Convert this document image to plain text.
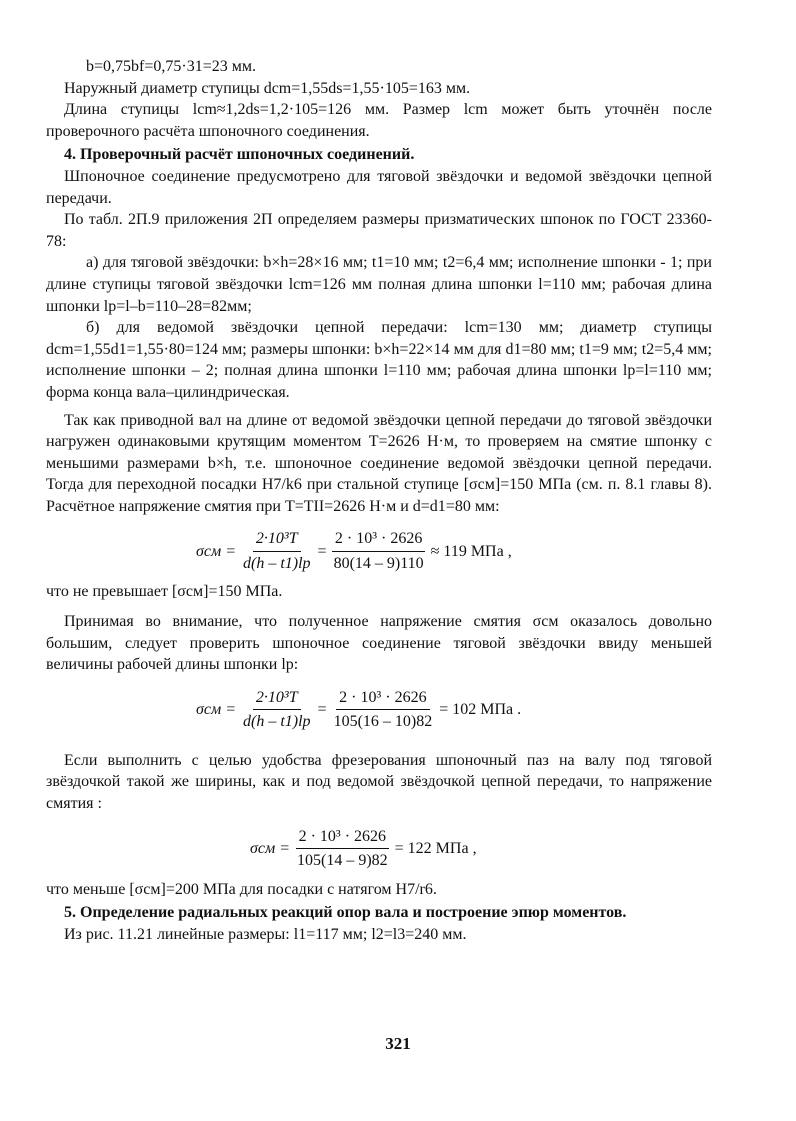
b=0,75bf=0,75·31=23 мм.

Наружный диаметр ступицы dcm=1,55ds=1,55·105=163 мм.

Длина ступицы lcm≈1,2ds=1,2·105=126 мм. Размер lcm может быть уточнён после проверочного расчёта шпоночного соединения.

4. Проверочный расчёт шпоночных соединений.

Шпоночное соединение предусмотрено для тяговой звёздочки и ведомой звёздочки цепной передачи.

По табл. 2П.9 приложения 2П определяем размеры призматических шпонок по ГОСТ 23360-78:

а) для тяговой звёздочки: b×h=28×16 мм; t1=10 мм; t2=6,4 мм; исполнение шпонки - 1; при длине ступицы тяговой звёздочки lcm=126 мм полная длина шпонки l=110 мм; рабочая длина шпонки lp=l–b=110–28=82мм;

б) для ведомой звёздочки цепной передачи: lcm=130 мм; диаметр ступицы dcm=1,55d1=1,55·80=124 мм; размеры шпонки: b×h=22×14 мм для d1=80 мм; t1=9 мм; t2=5,4 мм; исполнение шпонки – 2; полная длина шпонки l=110 мм; рабочая длина шпонки lp=l=110 мм; форма конца вала–цилиндрическая.

Так как приводной вал на длине от ведомой звёздочки цепной передачи до тяговой звёздочки нагружен одинаковыми крутящим моментом T=2626 Н·м, то проверяем на смятие шпонку с меньшими размерами b×h, т.е. шпоночное соединение ведомой звёздочки цепной передачи. Тогда для переходной посадки H7/k6 при стальной ступице [σсм]=150 МПа (см. п. 8.1 главы 8). Расчётное напряжение смятия при T=TII=2626 Н·м и d=d1=80 мм:

$\sigma см = \frac{\text{2·10³T}}{d(h - t1)lp} = \frac{\text{2 · 10³ · 2626}}{80(14 - 9)110} \approx 119$ МПа ,

что не превышает [σсм]=150 МПа.

Принимая во внимание, что полученное напряжение смятия σсм оказалось довольно большим, следует проверить шпоночное соединение тяговой звёздочки ввиду меньшей величины рабочей длины шпонки lp:

$\sigma см = \frac{\text{2·10³T}}{d(h - t1)lp} = \frac{\text{2 · 10³ · 2626}}{105(16 - 10)82} = 102$ МПа .

Если выполнить с целью удобства фрезерования шпоночный паз на валу под тяговой звёздочкой такой же ширины, как и под ведомой звёздочкой цепной передачи, то напряжение смятия :

$\sigma см = \frac{\text{2 · 10³ · 2626}}{105(14 - 9)82} = 122$ МПа ,

что меньше [σсм]=200 МПа для посадки с натягом H7/r6.

5. Определение радиальных реакций опор вала и построение эпюр моментов.

Из рис. 11.21 линейные размеры: l1=117 мм; l2=l3=240 мм.

321
